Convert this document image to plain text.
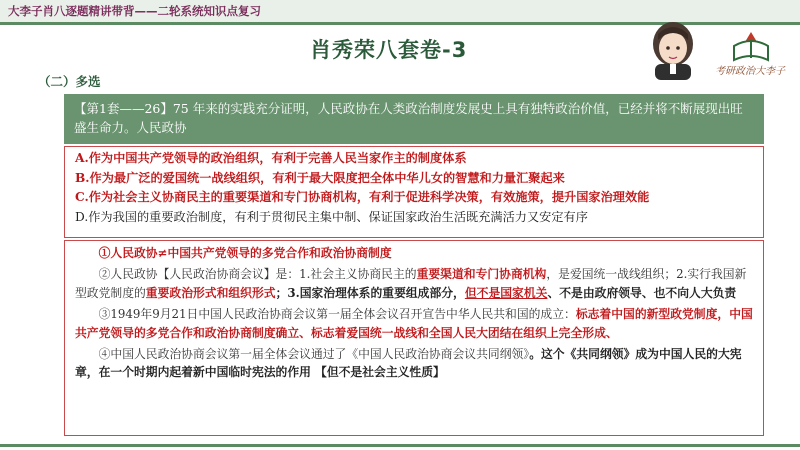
大李子肖八逐题精讲带背——二轮系统知识点复习
肖秀荣八套卷-3
考研政治大李子
（二）多选
【第1套——26】75 年来的实践充分证明，人民政协在人类政治制度发展史上具有独特政治价值，已经并将不断展现出旺盛生命力。人民政协
A.作为中国共产党领导的政治组织，有利于完善人民当家作主的制度体系
B.作为最广泛的爱国统一战线组织，有利于最大限度把全体中华儿女的智慧和力量汇聚起来
C.作为社会主义协商民主的重要渠道和专门协商机构，有利于促进科学决策，有效施策，提升国家治理效能
D.作为我国的重要政治制度，有利于贯彻民主集中制、保证国家政治生活既充满活力又安定有序

①人民政协≠中国共产党领导的多党合作和政治协商制度

②人民政协【人民政治协商会议】是：1.社会主义协商民主的重要渠道和专门协商机构，是爱国统一战线组织；2.实行我国新型政党制度的重要政治形式和组织形式；3.国家治理体系的重要组成部分，但不是国家机关、不是由政府领导、也不向人大负责

③1949年9月21日中国人民政治协商会议第一届全体会议召开宣告中华人民共和国的成立：标志着中国的新型政党制度，中国共产党领导的多党合作和政治协商制度确立、标志着爱国统一战线和全国人民大团结在组织上完全形成、

④中国人民政治协商会议第一届全体会议通过了《中国人民政治协商会议共同纲领》。这个《共同纲领》成为中国人民的大宪章，在一个时期内起着新中国临时宪法的作用 【但不是社会主义性质】
